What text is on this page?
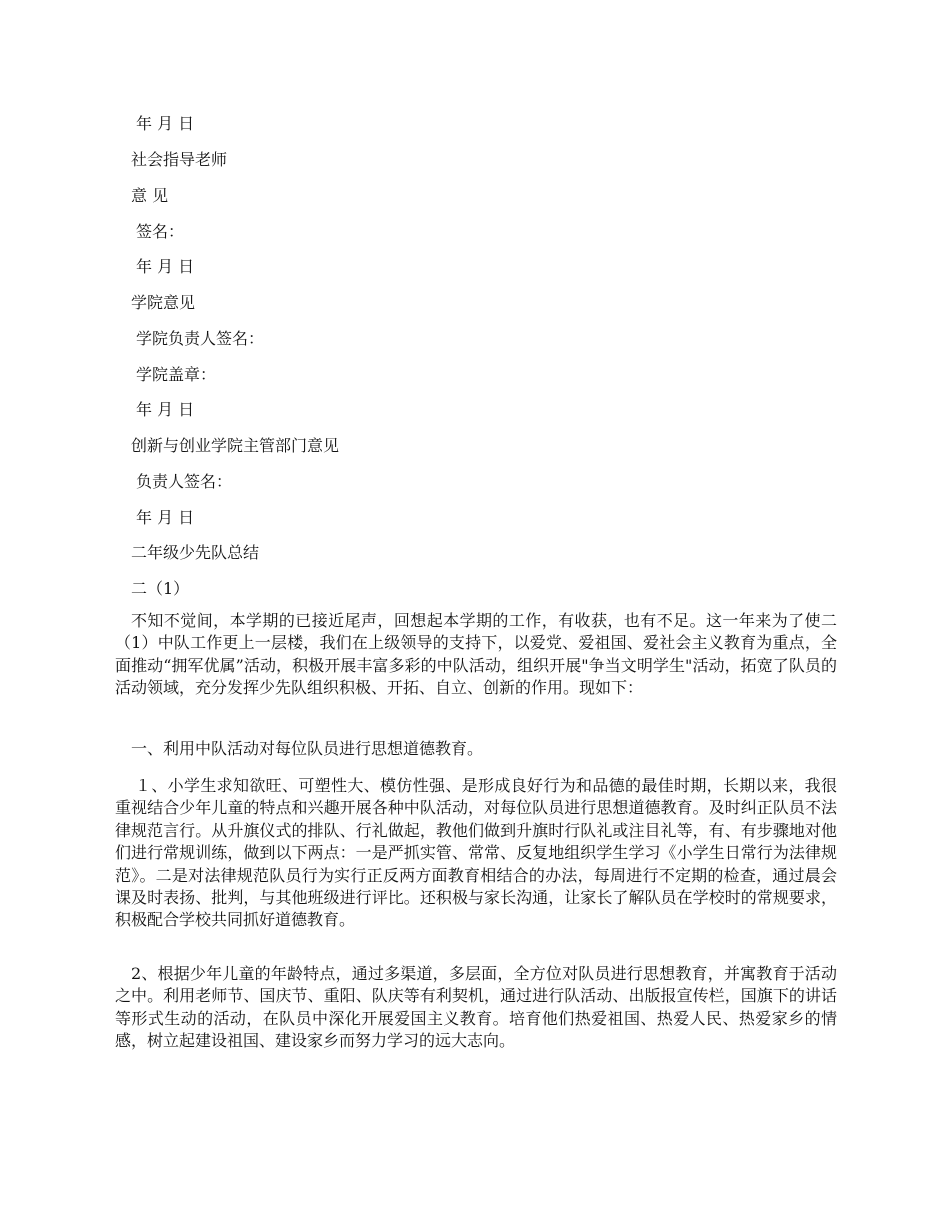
年 月 日
社会指导老师
意 见
签名：
年 月 日
学院意见
学院负责人签名：
学院盖章：
年 月 日
创新与创业学院主管部门意见
负责人签名：
年 月 日
二年级少先队总结
二（1）

不知不觉间，本学期的已接近尾声，回想起本学期的工作，有收获，也有不足。这一年来为了使二（1）中队工作更上一层楼，我们在上级领导的支持下，以爱党、爱祖国、爱社会主义教育为重点，全面推动“拥军优属”活动，积极开展丰富多彩的中队活动，组织开展"争当文明学生"活动，拓宽了队员的活动领域，充分发挥少先队组织积极、开拓、自立、创新的作用。现如下：

一、利用中队活动对每位队员进行思想道德教育。

１、小学生求知欲旺、可塑性大、模仿性强、是形成良好行为和品德的最佳时期，长期以来，我很重视结合少年儿童的特点和兴趣开展各种中队活动，对每位队员进行思想道德教育。及时纠正队员不法律规范言行。从升旗仪式的排队、行礼做起，教他们做到升旗时行队礼或注目礼等，有、有步骤地对他们进行常规训练，做到以下两点：一是严抓实管、常常、反复地组织学生学习《小学生日常行为法律规范》。二是对法律规范队员行为实行正反两方面教育相结合的办法，每周进行不定期的检查，通过晨会课及时表扬、批判，与其他班级进行评比。还积极与家长沟通，让家长了解队员在学校时的常规要求，积极配合学校共同抓好道德教育。

2、根据少年儿童的年龄特点，通过多渠道，多层面，全方位对队员进行思想教育，并寓教育于活动之中。利用老师节、国庆节、重阳、队庆等有利契机，通过进行队活动、出版报宣传栏，国旗下的讲话等形式生动的活动，在队员中深化开展爱国主义教育。培育他们热爱祖国、热爱人民、热爱家乡的情感，树立起建设祖国、建设家乡而努力学习的远大志向。
